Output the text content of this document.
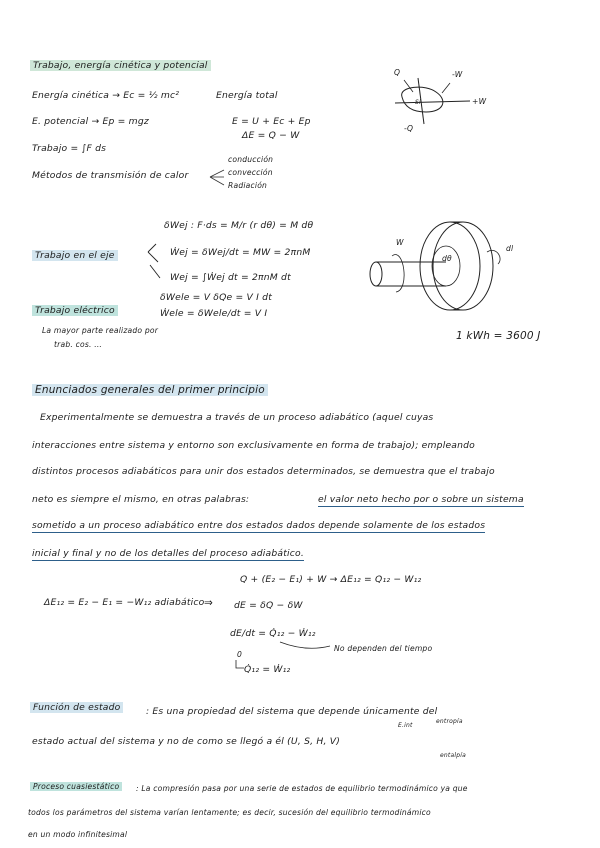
Trabajo, energía cinética y potencial
Energía cinética → Ec = ½ mc²	Energía total
E. potencial → Ep = mgz	E = U + Ec + Ep
ΔE = Q − W
Trabajo = ∫F ds
Métodos de transmisión de calor
conducción
convección
Radiación
Q	-W
+W
-Q
Si
δWej : F·ds = M/r (r dθ) = M dθ
Trabajo en el eje	Ẇej = δWej/dt = MW = 2πnM
Wej = ∫Ẇej dt = 2πnM dt
δWele = V δQe = V I dt
Trabajo eléctrico	Ẇele = δWele/dt = V I
La mayor parte realizado por
trab. cos. ...
1 kWh = 3600 J
W
dθ
dl
Enunciados generales del primer principio
Experimentalmente se demuestra a través de un proceso adiabático (aquel cuyas
interacciones entre sistema y entorno son exclusivamente en forma de trabajo); empleando
distintos procesos adiabáticos para unir dos estados determinados, se demuestra que el trabajo
neto es siempre el mismo, en otras palabras:	el valor neto hecho por o sobre un sistema
sometido a un proceso adiabático entre dos estados dados depende solamente de los estados
inicial y final y no de los detalles del proceso adiabático.
Q + (E₂ − E₁) + W → ΔE₁₂ = Q₁₂ − W₁₂
ΔE₁₂ = E₂ − E₁ = −W₁₂ adiabático ⇒ dE = δQ − δW
dE/dt = Q̇₁₂ − Ẇ₁₂
No dependen del tiempo
0
Q̇₁₂ = Ẇ₁₂
Función de estado	: Es una propiedad del sistema que depende únicamente del
estado actual del sistema y no de como se llegó a él (U, S, H, V)
E.int
entropía
entalpía
Proceso cuasiestático	: La compresión pasa por una serie de estados de equilibrio termodinámico ya que
todos los parámetros del sistema varían lentamente; es decir, sucesión del equilibrio termodinámico
en un modo infinitesimal
